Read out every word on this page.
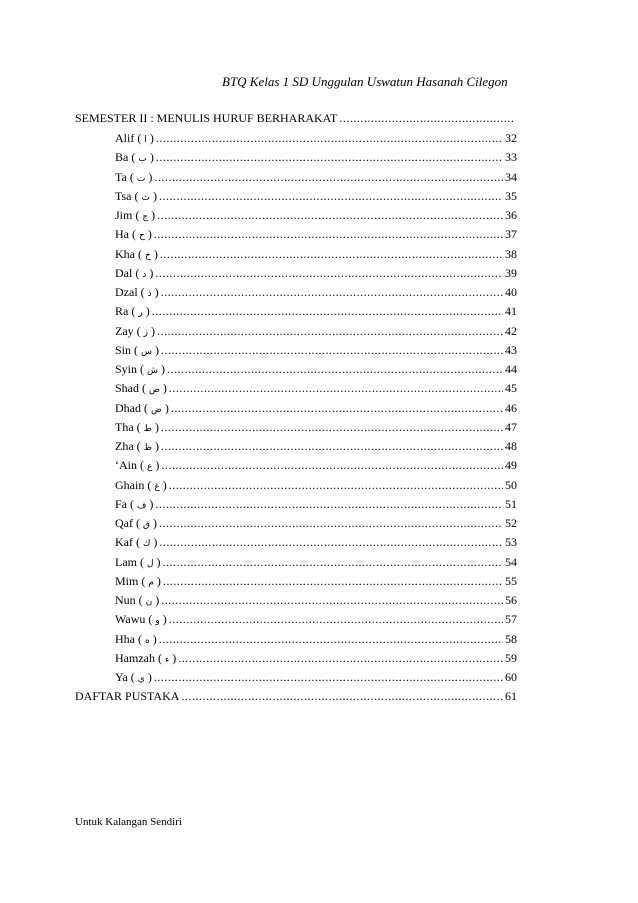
BTQ Kelas 1 SD Unggulan Uswatun Hasanah Cilegon
SEMESTER II : MENULIS HURUF BERHARAKAT
.....
Alif ( ا ) .....	32
Ba ( ب ) .....	33
Ta ( ت ) .....	34
Tsa ( ث ) .....	35
Jim ( ج ) .....	36
Ha ( ح ) .....	37
Kha ( خ ) .....	38
Dal ( د ) .....	39
Dzal ( ذ ) .....	40
Ra ( ر ) .....	41
Zay ( ز ) .....	42
Sin ( س ) .....	43
Syin ( ش ) .....	44
Shad ( ص ) .....	45
Dhad ( ض ) .....	46
Tha ( ط ) .....	47
Zha ( ظ ) .....	48
‘Ain ( ع ) .....	49
Ghain ( غ ) .....	50
Fa ( ف ) .....	51
Qaf ( ق ) .....	52
Kaf ( ك ) .....	53
Lam ( ل ) .....	54
Mim ( م ) .....	55
Nun ( ن ) .....	56
Wawu ( و ) .....	57
Hha ( ه ) .....	58
Hamzah ( ء ) .....	59
Ya ( ي ) .....	60
DAFTAR PUSTAKA .....	61
Untuk Kalangan Sendiri
